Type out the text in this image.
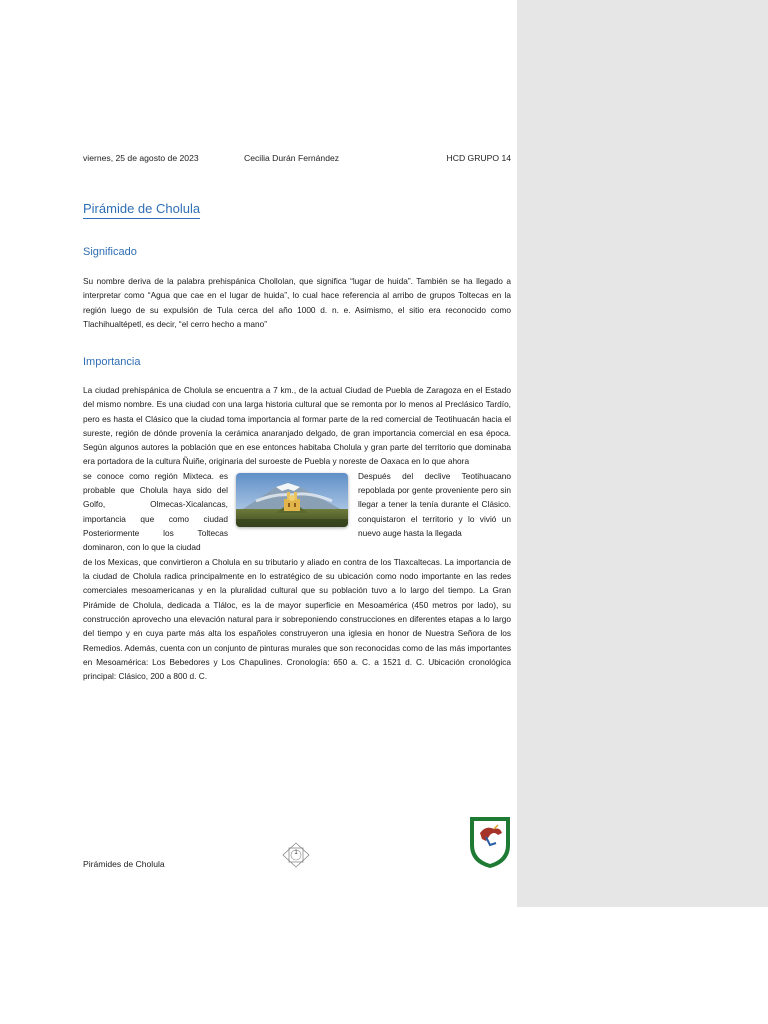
viernes, 25 de agosto de 2023	Cecilia Durán Fernández	HCD GRUPO 14
Pirámide de Cholula
Significado
Su nombre deriva de la palabra prehispánica Chollolan, que significa “lugar de huida”. También se ha llegado a interpretar como “Agua que cae en el lugar de huida”, lo cual hace referencia al arribo de grupos Toltecas en la región luego de su expulsión de Tula cerca del año 1000 d. n. e. Asimismo, el sitio era reconocido como Tlachihualtépetl, es decir, “el cerro hecho a mano”
Importancia
La ciudad prehispánica de Cholula se encuentra a 7 km., de la actual Ciudad de Puebla de Zaragoza en el Estado del mismo nombre. Es una ciudad con una larga historia cultural que se remonta por lo menos al Preclásico Tardío, pero es hasta el Clásico que la ciudad toma importancia al formar parte de la red comercial de Teotihuacán hacia el sureste, región de dónde provenía la cerámica anaranjado delgado, de gran importancia comercial en esa época. Según algunos autores la población que en ese entonces habitaba Cholula y gran parte del territorio que dominaba era portadora de la cultura Ñuiñe, originaria del suroeste de Puebla y noreste de Oaxaca en lo que ahora
se conoce como región Mixteca. es probable que Cholula haya sido del Golfo, Olmecas-Xicalancas, importancia que como ciudad Posteriormente los Toltecas dominaron, con lo que la ciudad
Después del declive Teotihuacano repoblada por gente proveniente pero sin llegar a tener la tenía durante el Clásico. conquistaron el territorio y lo vivió un nuevo auge hasta la llegada
de los Mexicas, que convirtieron a Cholula en su tributario y aliado en contra de los Tlaxcaltecas. La importancia de la ciudad de Cholula radica principalmente en lo estratégico de su ubicación como nodo importante en las redes comerciales mesoamericanas y en la pluralidad cultural que su población tuvo a lo largo del tiempo. La Gran Pirámide de Cholula, dedicada a Tláloc, es la de mayor superficie en Mesoamérica (450 metros por lado), su construcción aprovecho una elevación natural para ir sobreponiendo construcciones en diferentes etapas a lo largo del tiempo y en cuya parte más alta los españoles construyeron una iglesia en honor de Nuestra Señora de los Remedios. Además, cuenta con un conjunto de pinturas murales que son reconocidas como de las más importantes en Mesoamérica: Los Bebedores y Los Chapulines. Cronología: 650 a. C. a 1521 d. C. Ubicación cronológica principal: Clásico, 200 a 800 d. C.
Pirámides de Cholula
1
